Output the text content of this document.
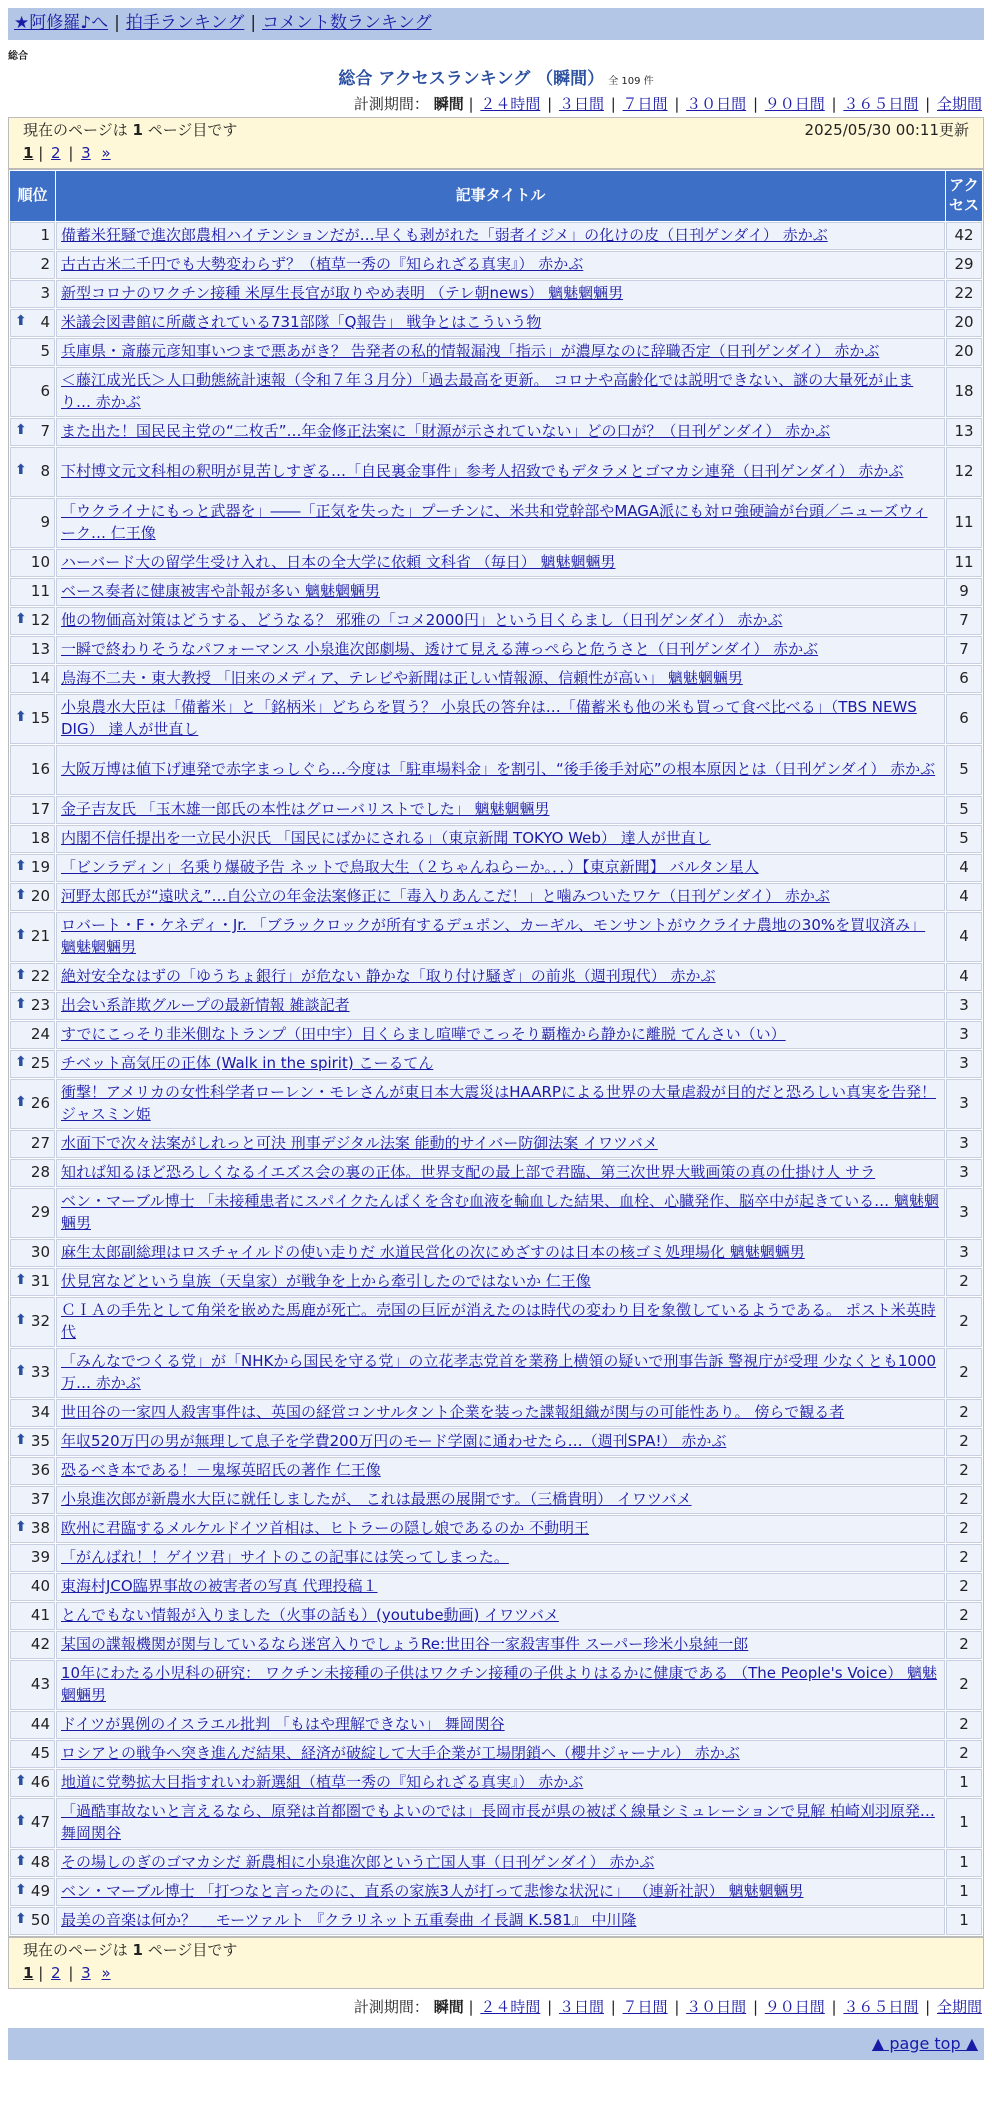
★阿修羅♪へ | 拍手ランキング | コメント数ランキング
総合
総合 アクセスランキング （瞬間） 全 109 件
計測期間： 瞬間 | ２４時間 | ３日間 | ７日間 | ３０日間 | ９０日間 | ３６５日間 | 全期間
現在のページは 1 ページ目です	2025/05/30 00:11更新
1 | 2 | 3 »
順位	記事タイトル	アクセス
1	備蓄米狂騒で進次郎農相ハイテンションだが…早くも剥がれた「弱者イジメ」の化けの皮（日刊ゲンダイ） 赤かぶ	42
2	古古古米二千円でも大勢変わらず？（植草一秀の『知られざる真実』） 赤かぶ	29
3	新型コロナのワクチン接種 米厚生長官が取りやめ表明 （テレ朝news） 魑魅魍魎男	22

⬆ 4	米議会図書館に所蔵されている731部隊「Q報告」 戦争とはこういう物	20
5	兵庫県・斎藤元彦知事いつまで悪あがき？ 告発者の私的情報漏洩「指示」が濃厚なのに辞職否定（日刊ゲンダイ） 赤かぶ	20
6	＜藤江成光氏＞人口動態統計速報（令和７年３月分）「過去最高を更新。 コロナや高齢化では説明できない、謎の大量死が止まり… 赤かぶ	18

⬆ 7	また出た！国民民主党の“二枚舌”…年金修正法案に「財源が示されていない」どの口が？（日刊ゲンダイ） 赤かぶ	13

⬆ 8	下村博文元文科相の釈明が見苦しすぎる…「自民裏金事件」参考人招致でもデタラメとゴマカシ連発（日刊ゲンダイ） 赤かぶ	12
9	「ウクライナにもっと武器を」――「正気を失った」プーチンに、米共和党幹部やMAGA派にも対ロ強硬論が台頭／ニューズウィーク… 仁王像	11
10	ハーバード大の留学生受け入れ、日本の全大学に依頼 文科省 （毎日） 魑魅魍魎男	11
11	ベース奏者に健康被害や訃報が多い 魑魅魍魎男	9

⬆ 12	他の物価高対策はどうする、どうなる？ 邪雅の「コメ2000円」という目くらまし（日刊ゲンダイ） 赤かぶ	7
13	一瞬で終わりそうなパフォーマンス 小泉進次郎劇場、透けて見える薄っぺらと危うさと（日刊ゲンダイ） 赤かぶ	7
14	鳥海不二夫・東大教授 「旧来のメディア、テレビや新聞は正しい情報源、信頼性が高い」 魑魅魍魎男	6

⬆ 15	小泉農水大臣は「備蓄米」と「銘柄米」どちらを買う？ 小泉氏の答弁は…「備蓄米も他の米も買って食べ比べる」（TBS NEWS DIG） 達人が世直し	6
16	大阪万博は値下げ連発で赤字まっしぐら…今度は「駐車場料金」を割引、“後手後手対応”の根本原因とは（日刊ゲンダイ） 赤かぶ	5
17	金子吉友氏 「玉木雄一郎氏の本性はグローバリストでした」 魑魅魍魎男	5
18	内閣不信任提出を一立民小沢氏 「国民にばかにされる」（東京新聞 TOKYO Web） 達人が世直し	5

⬆ 19	「ビンラディン」名乗り爆破予告 ネットで鳥取大生（２ちゃんねらーか。．．）【東京新聞】 バルタン星人	4

⬆ 20	河野太郎氏が“遠吠え”…自公立の年金法案修正に「毒入りあんこだ！」と噛みついたワケ（日刊ゲンダイ） 赤かぶ	4

⬆ 21	ロバート・F・ケネディ・Jr. 「ブラックロックが所有するデュポン、カーギル、モンサントがウクライナ農地の30%を買収済み」 魑魅魍魎男	4

⬆ 22	絶対安全なはずの「ゆうちょ銀行」が危ない 静かな「取り付け騒ぎ」の前兆（週刊現代） 赤かぶ	4

⬆ 23	出会い系詐欺グループの最新情報 雑談記者	3
24	すでにこっそり非米側なトランプ（田中宇）目くらまし喧嘩でこっそり覇権から静かに離脱 てんさい（い）	3

⬆ 25	チベット高気圧の正体 (Walk in the spirit) こーるてん	3

⬆ 26	衝撃！アメリカの女性科学者ローレン・モレさんが東日本大震災はHAARPによる世界の大量虐殺が目的だと恐ろしい真実を告発！ ジャスミン姫	3
27	水面下で次々法案がしれっと可決 刑事デジタル法案 能動的サイバー防御法案 イワツバメ	3
28	知れば知るほど恐ろしくなるイエズス会の裏の正体。世界支配の最上部で君臨、第三次世界大戦画策の真の仕掛け人 サラ	3
29	ベン・マーブル博士 「未接種患者にスパイクたんぱくを含む血液を輸血した結果、血栓、心臓発作、脳卒中が起きている… 魑魅魍魎男	3
30	麻生太郎副総理はロスチャイルドの使い走りだ 水道民営化の次にめざすのは日本の核ゴミ処理場化 魑魅魍魎男	3

⬆ 31	伏見宮などという皇族（天皇家）が戦争を上から牽引したのではないか 仁王像	2

⬆ 32	ＣＩＡの手先として角栄を嵌めた馬鹿が死亡。売国の巨匠が消えたのは時代の変わり目を象徴しているようである。 ポスト米英時代	2

⬆ 33	「みんなでつくる党」が「NHKから国民を守る党」の立花孝志党首を業務上横領の疑いで刑事告訴 警視庁が受理 少なくとも1000万… 赤かぶ	2
34	世田谷の一家四人殺害事件は、英国の経営コンサルタント企業を装った諜報組織が関与の可能性あり。 傍らで観る者	2

⬆ 35	年収520万円の男が無理して息子を学費200万円のモード学園に通わせたら…（週刊SPA!） 赤かぶ	2
36	恐るべき本である！－鬼塚英昭氏の著作 仁王像	2
37	小泉進次郎が新農水大臣に就任しましたが、 これは最悪の展開です。（三橋貴明） イワツバメ	2

⬆ 38	欧州に君臨するメルケルドイツ首相は、ヒトラーの隠し娘であるのか 不動明王	2
39	「がんばれ！！ゲイツ君」サイトのこの記事には笑ってしまった。	2
40	東海村JCO臨界事故の被害者の写真 代理投稿１	2
41	とんでもない情報が入りました（火事の話も）(youtube動画) イワツバメ	2
42	某国の諜報機関が関与しているなら迷宮入りでしょうRe:世田谷一家殺害事件 スーパー珍米小泉純一郎	2
43	10年にわたる小児科の研究： ワクチン未接種の子供はワクチン接種の子供よりはるかに健康である （The People's Voice） 魑魅魍魎男	2
44	ドイツが異例のイスラエル批判 「もはや理解できない」 舞岡関谷	2
45	ロシアとの戦争へ突き進んだ結果、経済が破綻して大手企業が工場閉鎖へ（櫻井ジャーナル） 赤かぶ	2

⬆ 46	地道に党勢拡大目指すれいわ新選組（植草一秀の『知られざる真実』） 赤かぶ	1

⬆ 47	「過酷事故ないと言えるなら、原発は首都圏でもよいのでは」長岡市長が県の被ばく線量シミュレーションで見解 柏崎刈羽原発… 舞岡関谷	1

⬆ 48	その場しのぎのゴマカシだ 新農相に小泉進次郎という亡国人事（日刊ゲンダイ） 赤かぶ	1

⬆ 49	ベン・マーブル博士 「打つなと言ったのに、直系の家族3人が打って悲惨な状況に」 （連新社訳） 魑魅魍魎男	1

⬆ 50	最美の音楽は何か？ ＿モーツァルト 『クラリネット五重奏曲 イ長調 K.581』 中川隆	1
現在のページは 1 ページ目です
1 | 2 | 3 »
計測期間： 瞬間 | ２４時間 | ３日間 | ７日間 | ３０日間 | ９０日間 | ３６５日間 | 全期間
▲ page top ▲
